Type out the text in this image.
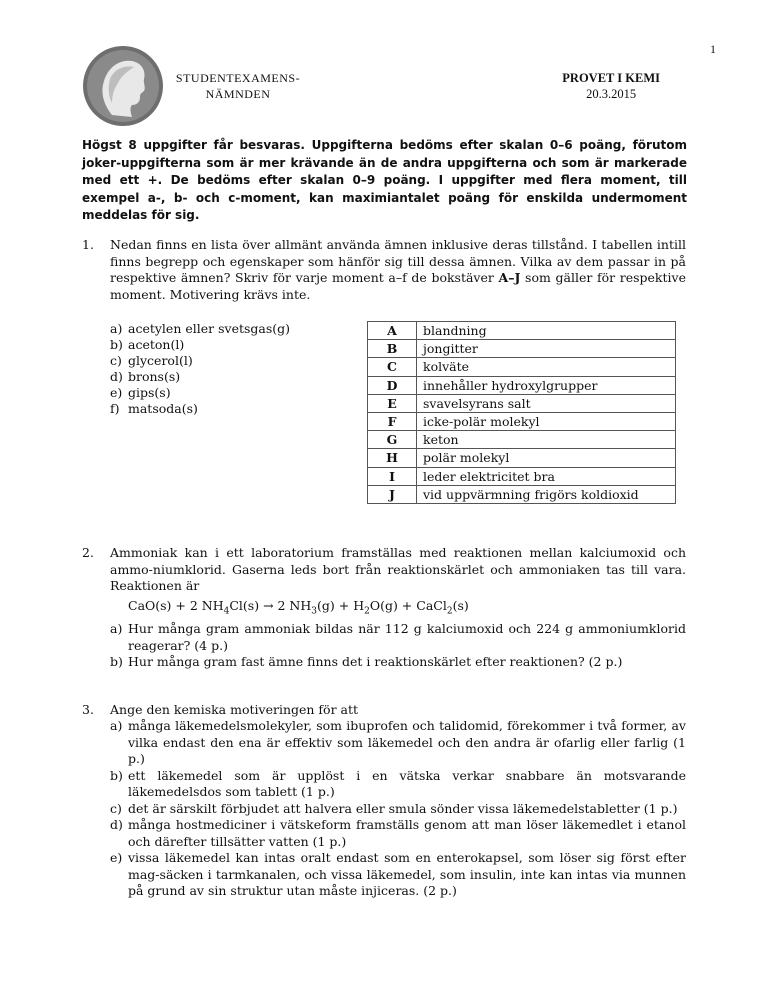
1
STUDENTEXAMENS-
NÄMNDEN
PROVET I KEMI
20.3.2015
Högst 8 uppgifter får besvaras. Uppgifterna bedöms efter skalan 0–6 poäng, förutom joker-uppgifterna som är mer krävande än de andra uppgifterna och som är markerade med ett +. De bedöms efter skalan 0–9 poäng. I uppgifter med flera moment, till exempel a-, b- och c-moment, kan maximiantalet poäng för enskilda undermoment meddelas för sig.
1. Nedan finns en lista över allmänt använda ämnen inklusive deras tillstånd. I tabellen intill finns begrepp och egenskaper som hänför sig till dessa ämnen. Vilka av dem passar in på respektive ämnen? Skriv för varje moment a–f de bokstäver A–J som gäller för respektive moment. Motivering krävs inte.
a) acetylen eller svetsgas(g)
b) aceton(l)
c) glycerol(l)
d) brons(s)
e) gips(s)
f) matsoda(s)
A	blandning
B	jongitter
C	kolväte
D	innehåller hydroxylgrupper
E	svavelsyrans salt
F	icke-polär molekyl
G	keton
H	polär molekyl
I	leder elektricitet bra
J	vid uppvärmning frigörs koldioxid
2. Ammoniak kan i ett laboratorium framställas med reaktionen mellan kalciumoxid och ammo-niumklorid. Gaserna leds bort från reaktionskärlet och ammoniaken tas till vara. Reaktionen är
CaO(s) + 2 $NH_4Cl(s) \to 2$ $NH_3(g) + H_2O(g)$ + CaCl$_2$(s)
a) Hur många gram ammoniak bildas när 112 g kalciumoxid och 224 g ammoniumklorid reagerar? (4 p.)
b) Hur många gram fast ämne finns det i reaktionskärlet efter reaktionen? (2 p.)
3. Ange den kemiska motiveringen för att
a) många läkemedelsmolekyler, som ibuprofen och talidomid, förekommer i två former, av vilka endast den ena är effektiv som läkemedel och den andra är ofarlig eller farlig (1 p.)
b) ett läkemedel som är upplöst i en vätska verkar snabbare än motsvarande läkemedelsdos som tablett (1 p.)
c) det är särskilt förbjudet att halvera eller smula sönder vissa läkemedelstabletter (1 p.)
d) många hostmediciner i vätskeform framställs genom att man löser läkemedlet i etanol och därefter tillsätter vatten (1 p.)
e) vissa läkemedel kan intas oralt endast som en enterokapsel, som löser sig först efter mag-säcken i tarmkanalen, och vissa läkemedel, som insulin, inte kan intas via munnen på grund av sin struktur utan måste injiceras. (2 p.)
